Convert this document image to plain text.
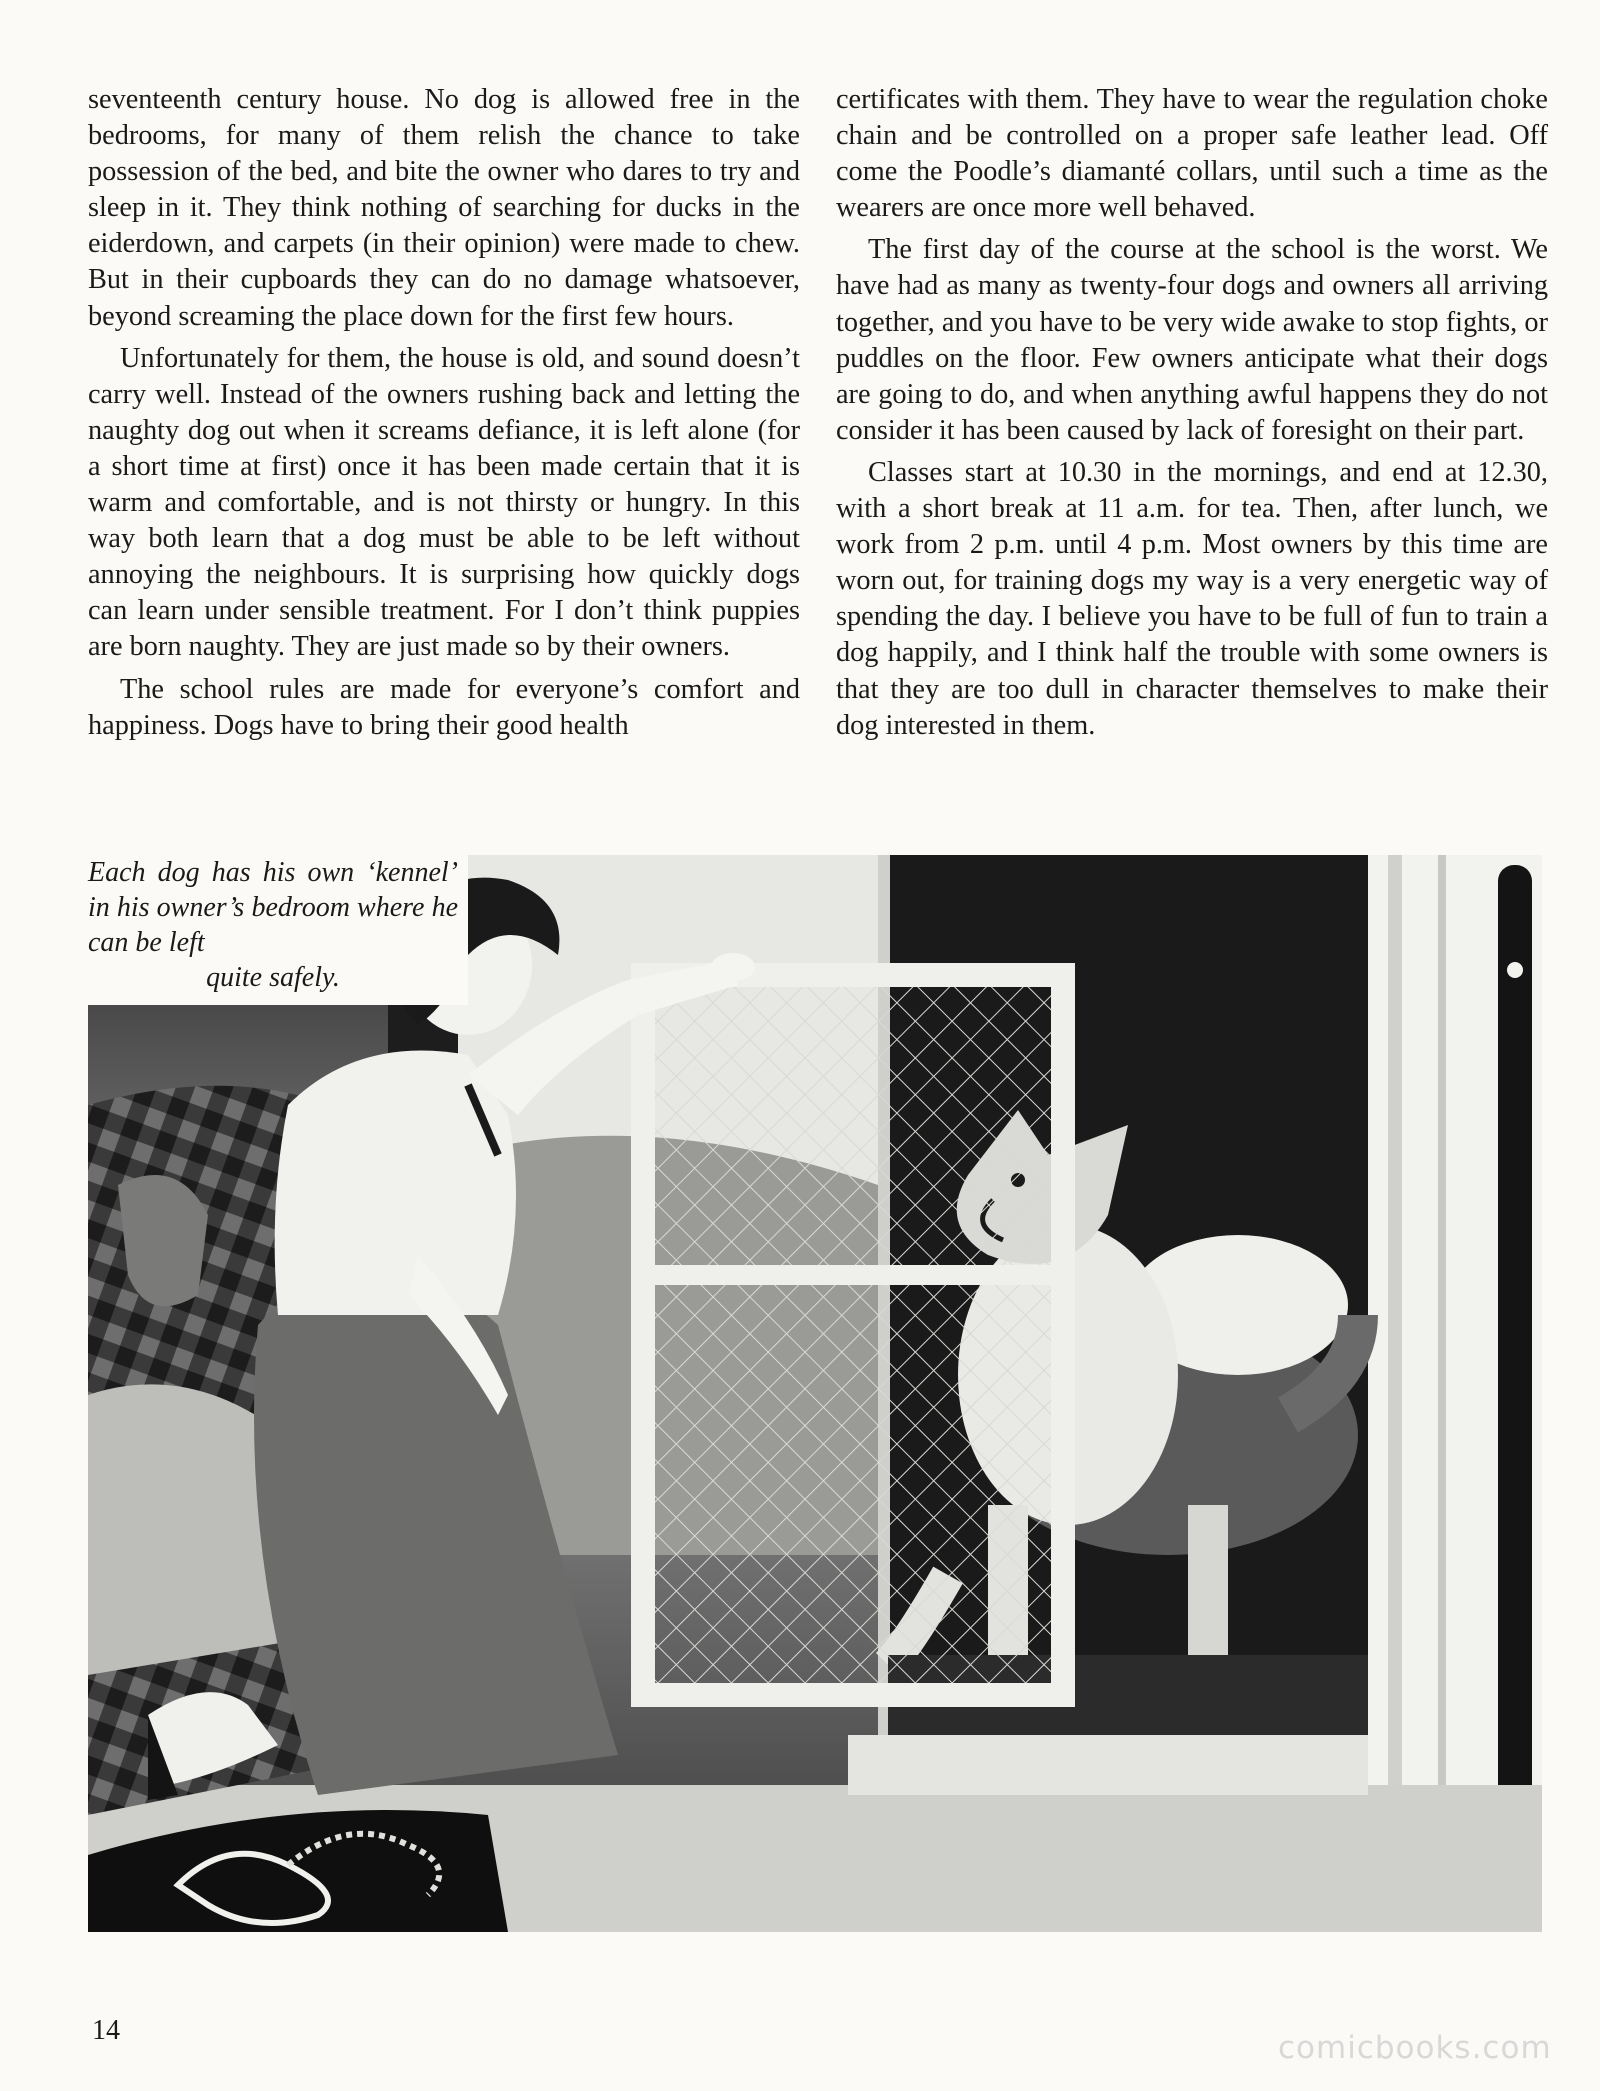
seventeenth century house. No dog is allowed free in the bedrooms, for many of them relish the chance to take possession of the bed, and bite the owner who dares to try and sleep in it. They think nothing of searching for ducks in the eiderdown, and carpets (in their opinion) were made to chew. But in their cupboards they can do no damage whatsoever, beyond screaming the place down for the first few hours.

Unfortunately for them, the house is old, and sound doesn’t carry well. Instead of the owners rushing back and letting the naughty dog out when it screams defiance, it is left alone (for a short time at first) once it has been made certain that it is warm and comfortable, and is not thirsty or hungry. In this way both learn that a dog must be able to be left without annoying the neighbours. It is surprising how quickly dogs can learn under sensible treatment. For I don’t think puppies are born naughty. They are just made so by their owners.

The school rules are made for everyone’s comfort and happiness. Dogs have to bring their good health

certificates with them. They have to wear the regulation choke chain and be controlled on a proper safe leather lead. Off come the Poodle’s diamanté collars, until such a time as the wearers are once more well behaved.

The first day of the course at the school is the worst. We have had as many as twenty-four dogs and owners all arriving together, and you have to be very wide awake to stop fights, or puddles on the floor. Few owners anticipate what their dogs are going to do, and when anything awful happens they do not consider it has been caused by lack of foresight on their part.

Classes start at 10.30 in the mornings, and end at 12.30, with a short break at 11 a.m. for tea. Then, after lunch, we work from 2 p.m. until 4 p.m. Most owners by this time are worn out, for training dogs my way is a very energetic way of spending the day. I believe you have to be full of fun to train a dog happily, and I think half the trouble with some owners is that they are too dull in character themselves to make their dog interested in them.

Each dog has his own ‘kennel’ in his owner’s bedroom where he can be left
quite safely.
14	comicbooks.com
